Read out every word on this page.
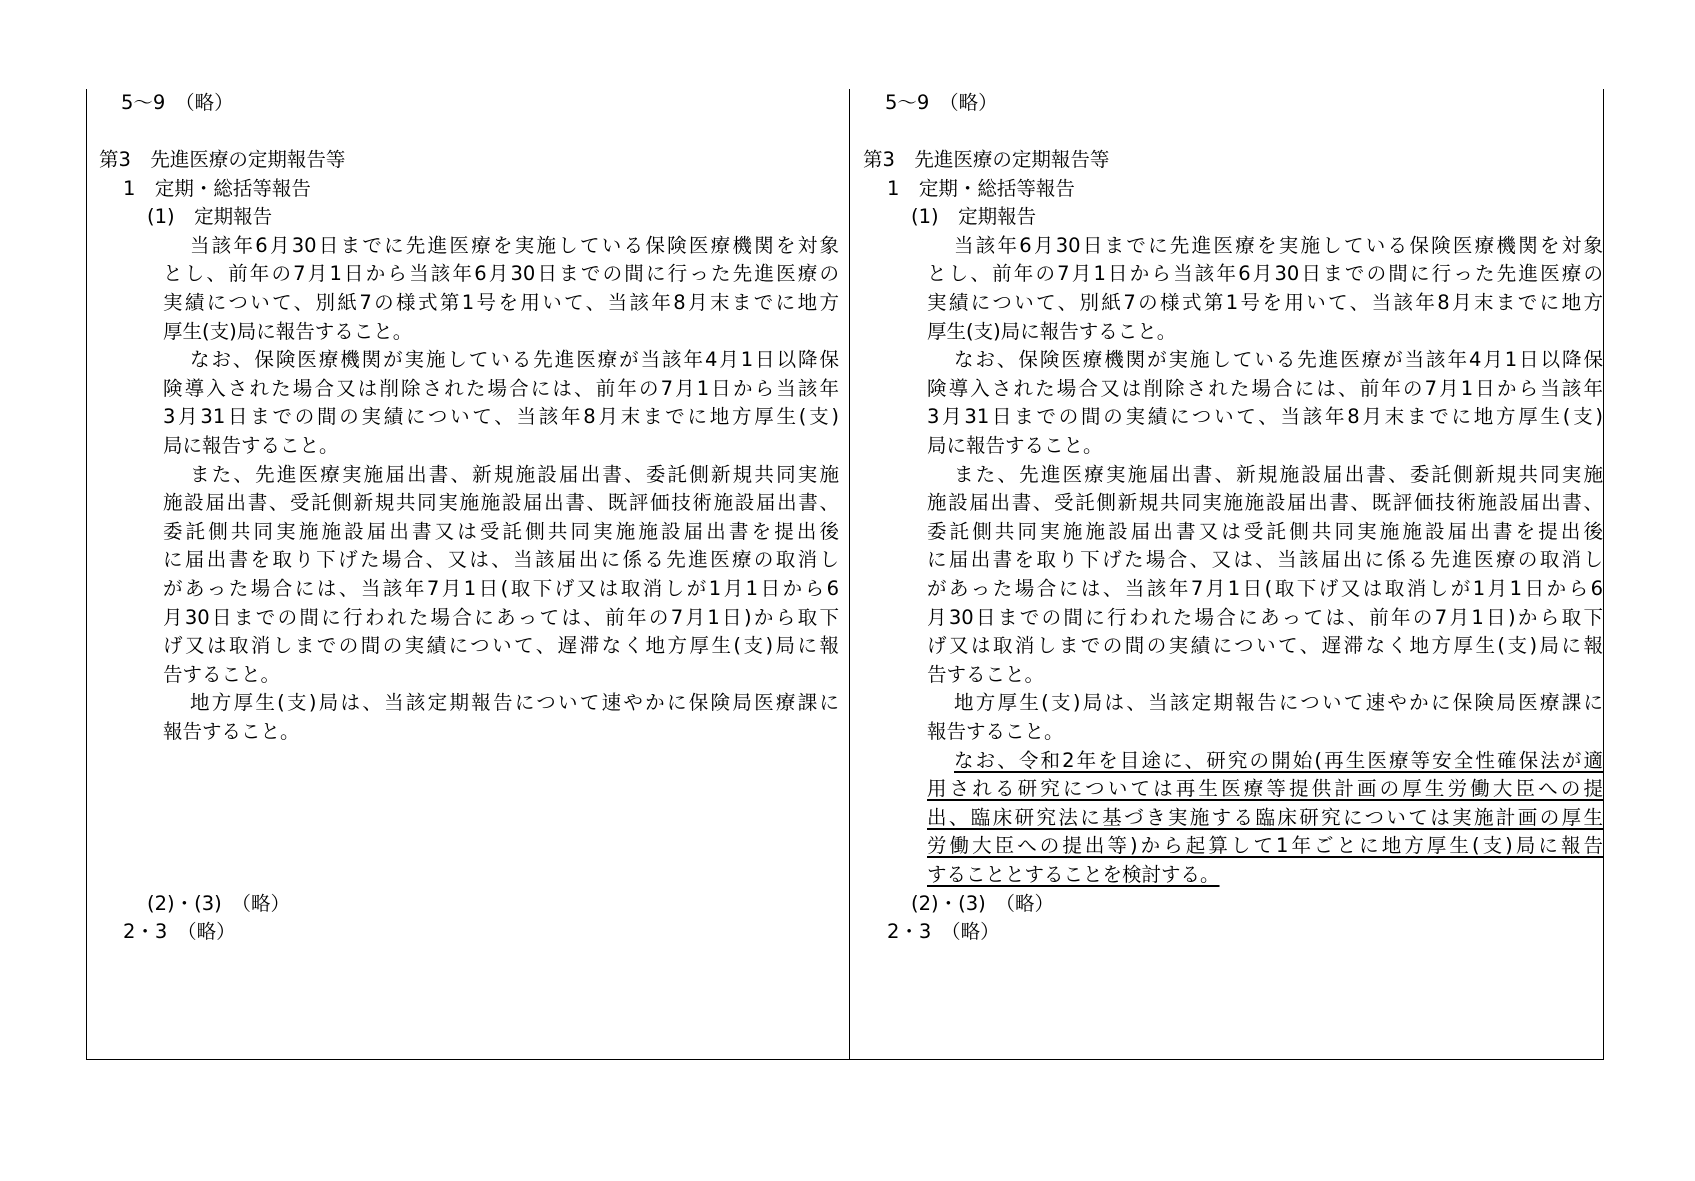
5～9　（略）
第3　先進医療の定期報告等
1　定期・総括等報告
(1)　定期報告
当該年6月30日までに先進医療を実施している保険医療機関を対象
とし、前年の7月1日から当該年6月30日までの間に行った先進医療の
実績について、別紙7の様式第1号を用いて、当該年8月末までに地方
厚生(支)局に報告すること。
なお、保険医療機関が実施している先進医療が当該年4月1日以降保
険導入された場合又は削除された場合には、前年の7月1日から当該年
3月31日までの間の実績について、当該年8月末までに地方厚生(支)
局に報告すること。
また、先進医療実施届出書、新規施設届出書、委託側新規共同実施
施設届出書、受託側新規共同実施施設届出書、既評価技術施設届出書、
委託側共同実施施設届出書又は受託側共同実施施設届出書を提出後
に届出書を取り下げた場合、又は、当該届出に係る先進医療の取消し
があった場合には、当該年7月1日(取下げ又は取消しが1月1日から6
月30日までの間に行われた場合にあっては、前年の7月1日)から取下
げ又は取消しまでの間の実績について、遅滞なく地方厚生(支)局に報
告すること。
地方厚生(支)局は、当該定期報告について速やかに保険局医療課に
報告すること。
(2)・(3)　（略）
2・3　（略）
5～9　（略）
第3　先進医療の定期報告等
1　定期・総括等報告
(1)　定期報告
当該年6月30日までに先進医療を実施している保険医療機関を対象
とし、前年の7月1日から当該年6月30日までの間に行った先進医療の
実績について、別紙7の様式第1号を用いて、当該年8月末までに地方
厚生(支)局に報告すること。
なお、保険医療機関が実施している先進医療が当該年4月1日以降保
険導入された場合又は削除された場合には、前年の7月1日から当該年
3月31日までの間の実績について、当該年8月末までに地方厚生(支)
局に報告すること。
また、先進医療実施届出書、新規施設届出書、委託側新規共同実施
施設届出書、受託側新規共同実施施設届出書、既評価技術施設届出書、
委託側共同実施施設届出書又は受託側共同実施施設届出書を提出後
に届出書を取り下げた場合、又は、当該届出に係る先進医療の取消し
があった場合には、当該年7月1日(取下げ又は取消しが1月1日から6
月30日までの間に行われた場合にあっては、前年の7月1日)から取下
げ又は取消しまでの間の実績について、遅滞なく地方厚生(支)局に報
告すること。
地方厚生(支)局は、当該定期報告について速やかに保険局医療課に
報告すること。
なお、令和2年を目途に、研究の開始(再生医療等安全性確保法が適
用される研究については再生医療等提供計画の厚生労働大臣への提
出、臨床研究法に基づき実施する臨床研究については実施計画の厚生
労働大臣への提出等)から起算して1年ごとに地方厚生(支)局に報告
することとすることを検討する。
(2)・(3)　（略）
2・3　（略）
